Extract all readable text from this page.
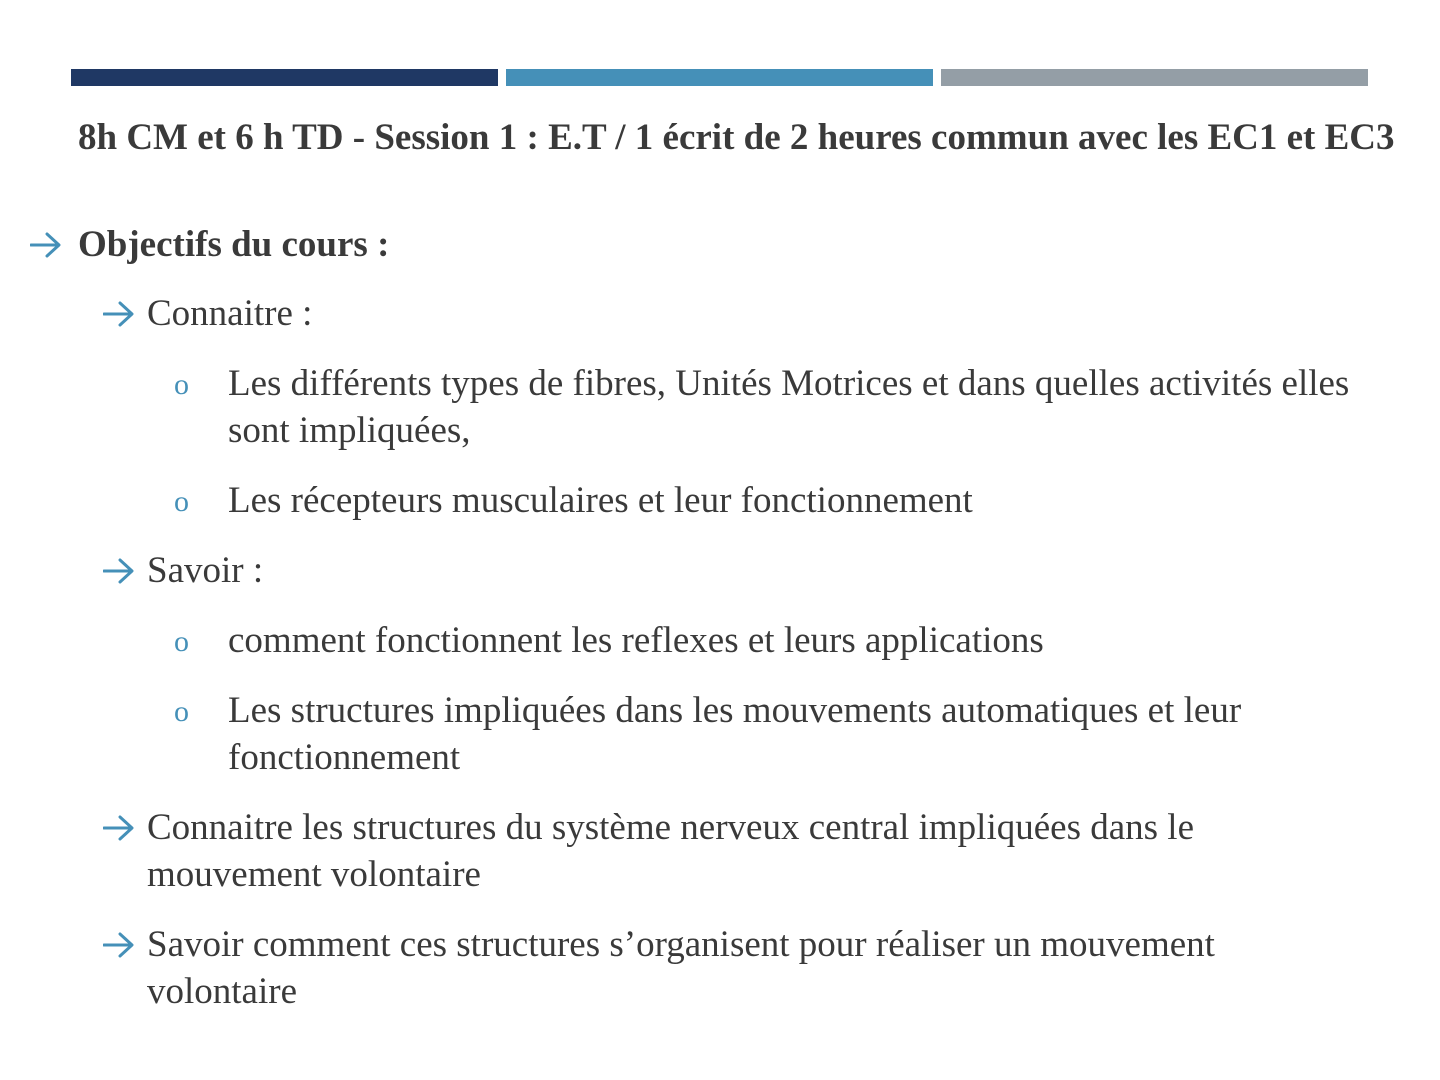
8h CM et 6 h TD - Session 1 : E.T / 1 écrit de 2 heures commun avec les EC1 et EC3
Objectifs du cours :
Connaitre :
o Les différents types de fibres, Unités Motrices et dans quelles activités elles sont impliquées,
o Les récepteurs musculaires et leur fonctionnement
Savoir :
o comment fonctionnent les reflexes et leurs applications
o Les structures impliquées dans les mouvements automatiques et leur fonctionnement
Connaitre les structures du système nerveux central impliquées dans le mouvement volontaire
Savoir comment ces structures s’organisent pour réaliser un mouvement volontaire
